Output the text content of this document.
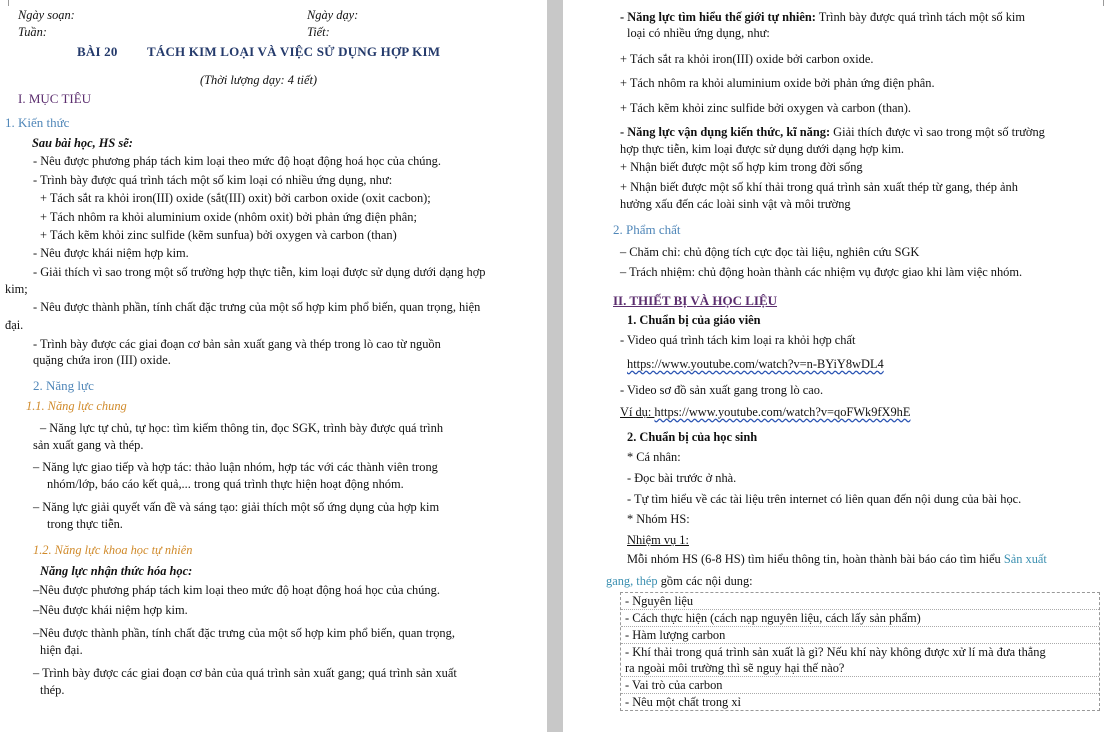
Ngày soạn:	Ngày dạy:
Tuần:	Tiết:
BÀI 20 TÁCH KIM LOẠI VÀ VIỆC SỬ DỤNG HỢP KIM
(Thời lượng dạy: 4 tiết)
I. MỤC TIÊU
1. Kiến thức
Sau bài học, HS sẽ:
- Nêu được phương pháp tách kim loại theo mức độ hoạt động hoá học của chúng.
- Trình bày được quá trình tách một số kim loại có nhiều ứng dụng, như:
+ Tách sắt ra khỏi iron(III) oxide (sắt(III) oxit) bởi carbon oxide (oxit cacbon);
+ Tách nhôm ra khỏi aluminium oxide (nhôm oxit) bởi phản ứng điện phân;
+ Tách kẽm khỏi zinc sulfide (kẽm sunfua) bởi oxygen và carbon (than)
- Nêu được khái niệm hợp kim.
- Giải thích vì sao trong một số trường hợp thực tiễn, kim loại được sử dụng dưới dạng hợp
kim;
- Nêu được thành phần, tính chất đặc trưng của một số hợp kim phổ biến, quan trọng, hiện
đại.
- Trình bày được các giai đoạn cơ bản sản xuất gang và thép trong lò cao từ nguồn
quặng chứa iron (III) oxide.
2. Năng lực
1.1. Năng lực chung
– Năng lực tự chủ, tự học: tìm kiếm thông tin, đọc SGK, trình bày được quá trình
sản xuất gang và thép.
– Năng lực giao tiếp và hợp tác: thảo luận nhóm, hợp tác với các thành viên trong
nhóm/lớp, báo cáo kết quả,... trong quá trình thực hiện hoạt động nhóm.
– Năng lực giải quyết vấn đề và sáng tạo: giải thích một số ứng dụng của hợp kim
trong thực tiễn.
1.2. Năng lực khoa học tự nhiên
Năng lực nhận thức hóa học:
–Nêu được phương pháp tách kim loại theo mức độ hoạt động hoá học của chúng.
–Nêu được khái niệm hợp kim.
–Nêu được thành phần, tính chất đặc trưng của một số hợp kim phổ biến, quan trọng,
hiện đại.
– Trình bày được các giai đoạn cơ bản của quá trình sản xuất gang; quá trình sản xuất
thép.
- Năng lực tìm hiểu thế giới tự nhiên: Trình bày được quá trình tách một số kim
loại có nhiều ứng dụng, như:
+ Tách sắt ra khỏi iron(III) oxide bởi carbon oxide.
+ Tách nhôm ra khỏi aluminium oxide bởi phản ứng điện phân.
+ Tách kẽm khỏi zinc sulfide bởi oxygen và carbon (than).
- Năng lực vận dụng kiến thức, kĩ năng: Giải thích được vì sao trong một số trường
hợp thực tiễn, kim loại được sử dụng dưới dạng hợp kim.
+ Nhận biết được một số hợp kim trong đời sống
+ Nhận biết được một số khí thải trong quá trình sản xuất thép từ gang, thép ảnh
hưởng xấu đến các loài sinh vật và môi trường
2. Phẩm chất
– Chăm chỉ: chủ động tích cực đọc tài liệu, nghiên cứu SGK
– Trách nhiệm: chủ động hoàn thành các nhiệm vụ được giao khi làm việc nhóm.
II. THIẾT BỊ VÀ HỌC LIỆU
1. Chuẩn bị của giáo viên
- Video quá trình tách kim loại ra khỏi hợp chất
https://www.youtube.com/watch?v=n-BYiY8wDL4
- Video sơ đồ sản xuất gang trong lò cao.
Ví dụ: https://www.youtube.com/watch?v=qoFWk9fX9hE
2. Chuẩn bị của học sinh
* Cá nhân:
- Đọc bài trước ở nhà.
- Tự tìm hiểu về các tài liệu trên internet có liên quan đến nội dung của bài học.
* Nhóm HS:
Nhiệm vụ 1:
Mỗi nhóm HS (6-8 HS) tìm hiểu thông tin, hoàn thành bài báo cáo tìm hiểu Sản xuất
gang, thép gồm các nội dung:
- Nguyên liệu
- Cách thực hiện (cách nạp nguyên liệu, cách lấy sản phẩm)
- Hàm lượng carbon
- Khí thải trong quá trình sản xuất là gì? Nếu khí này không được xử lí mà đưa thẳng
ra ngoài môi trường thì sẽ nguy hại thế nào?
- Vai trò của carbon
- Nêu một chất trong xỉ
